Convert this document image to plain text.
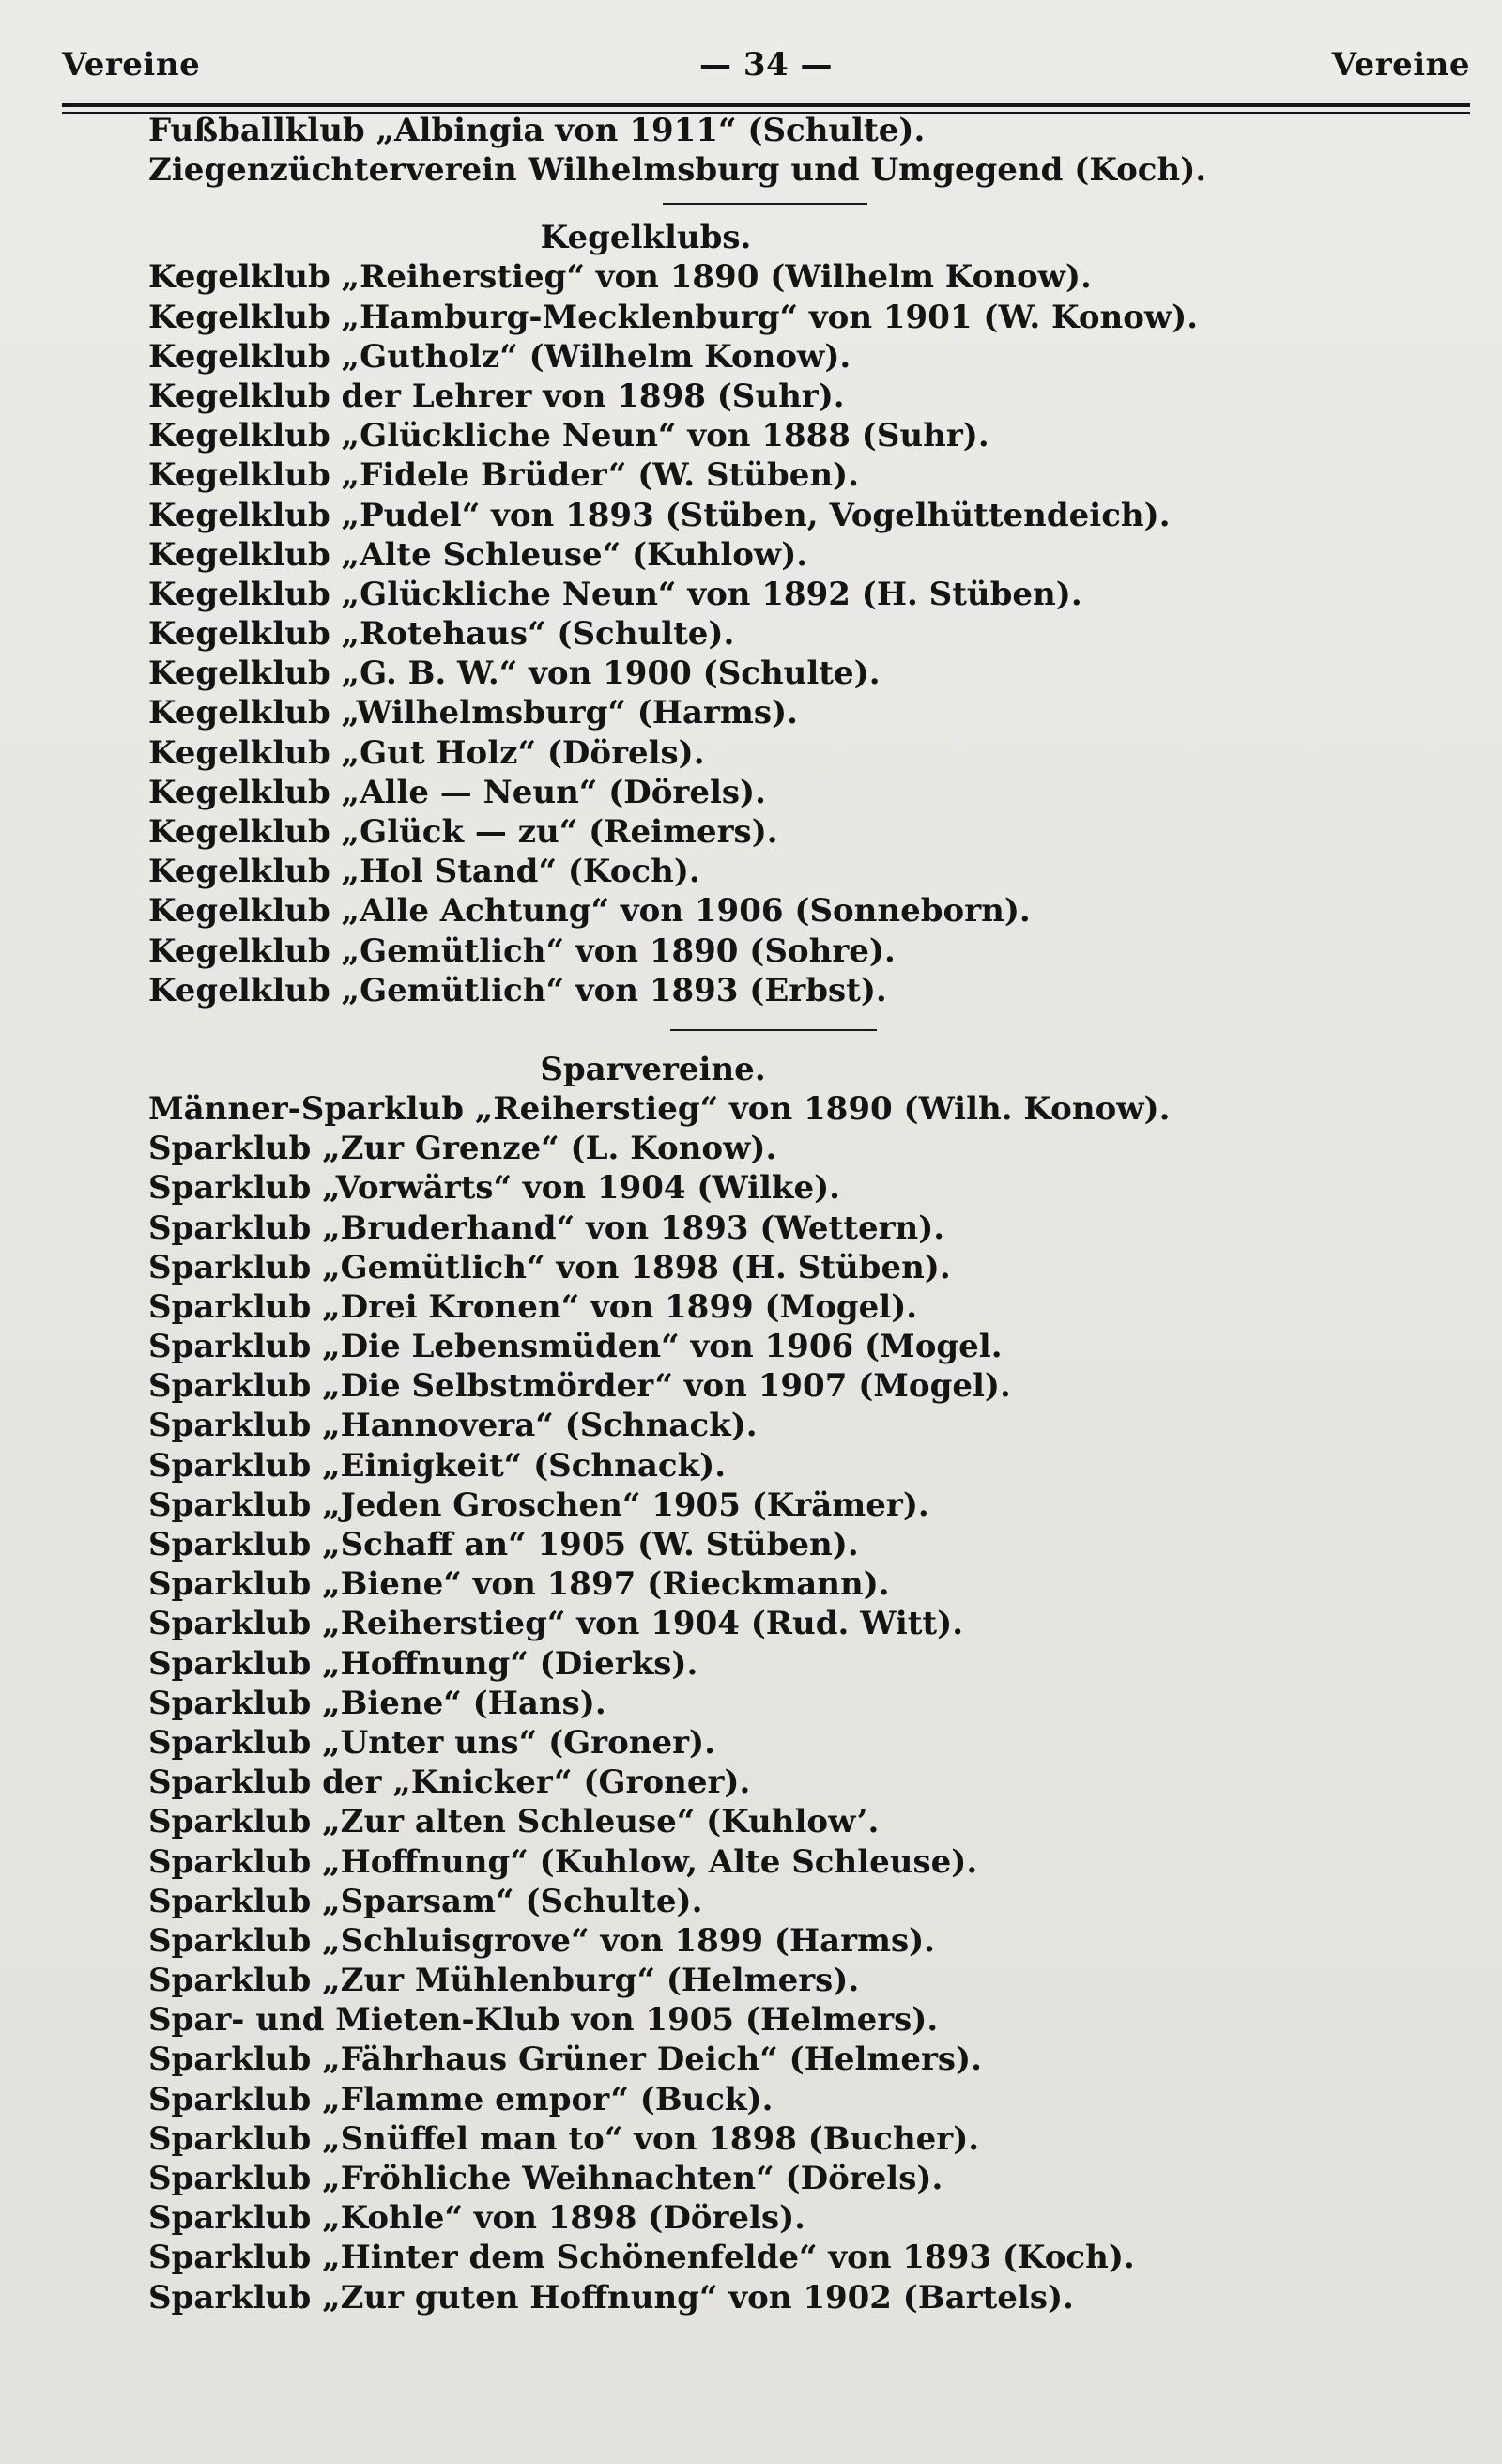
Vereine	— 34 —	Vereine
Fußballklub „Albingia von 1911“ (Schulte).
Ziegenzüchterverein Wilhelmsburg und Umgegend (Koch).
Kegelklubs.
Kegelklub „Reiherstieg“ von 1890 (Wilhelm Konow).
Kegelklub „Hamburg-Mecklenburg“ von 1901 (W. Konow).
Kegelklub „Gutholz“ (Wilhelm Konow).
Kegelklub der Lehrer von 1898 (Suhr).
Kegelklub „Glückliche Neun“ von 1888 (Suhr).
Kegelklub „Fidele Brüder“ (W. Stüben).
Kegelklub „Pudel“ von 1893 (Stüben, Vogelhüttendeich).
Kegelklub „Alte Schleuse“ (Kuhlow).
Kegelklub „Glückliche Neun“ von 1892 (H. Stüben).
Kegelklub „Rotehaus“ (Schulte).
Kegelklub „G. B. W.“ von 1900 (Schulte).
Kegelklub „Wilhelmsburg“ (Harms).
Kegelklub „Gut Holz“ (Dörels).
Kegelklub „Alle — Neun“ (Dörels).
Kegelklub „Glück — zu“ (Reimers).
Kegelklub „Hol Stand“ (Koch).
Kegelklub „Alle Achtung“ von 1906 (Sonneborn).
Kegelklub „Gemütlich“ von 1890 (Sohre).
Kegelklub „Gemütlich“ von 1893 (Erbst).
Sparvereine.
Männer-Sparklub „Reiherstieg“ von 1890 (Wilh. Konow).
Sparklub „Zur Grenze“ (L. Konow).
Sparklub „Vorwärts“ von 1904 (Wilke).
Sparklub „Bruderhand“ von 1893 (Wettern).
Sparklub „Gemütlich“ von 1898 (H. Stüben).
Sparklub „Drei Kronen“ von 1899 (Mogel).
Sparklub „Die Lebensmüden“ von 1906 (Mogel.
Sparklub „Die Selbstmörder“ von 1907 (Mogel).
Sparklub „Hannovera“ (Schnack).
Sparklub „Einigkeit“ (Schnack).
Sparklub „Jeden Groschen“ 1905 (Krämer).
Sparklub „Schaff an“ 1905 (W. Stüben).
Sparklub „Biene“ von 1897 (Rieckmann).
Sparklub „Reiherstieg“ von 1904 (Rud. Witt).
Sparklub „Hoffnung“ (Dierks).
Sparklub „Biene“ (Hans).
Sparklub „Unter uns“ (Groner).
Sparklub der „Knicker“ (Groner).
Sparklub „Zur alten Schleuse“ (Kuhlow’.
Sparklub „Hoffnung“ (Kuhlow, Alte Schleuse).
Sparklub „Sparsam“ (Schulte).
Sparklub „Schluisgrove“ von 1899 (Harms).
Sparklub „Zur Mühlenburg“ (Helmers).
Spar- und Mieten-Klub von 1905 (Helmers).
Sparklub „Fährhaus Grüner Deich“ (Helmers).
Sparklub „Flamme empor“ (Buck).
Sparklub „Snüffel man to“ von 1898 (Bucher).
Sparklub „Fröhliche Weihnachten“ (Dörels).
Sparklub „Kohle“ von 1898 (Dörels).
Sparklub „Hinter dem Schönenfelde“ von 1893 (Koch).
Sparklub „Zur guten Hoffnung“ von 1902 (Bartels).
